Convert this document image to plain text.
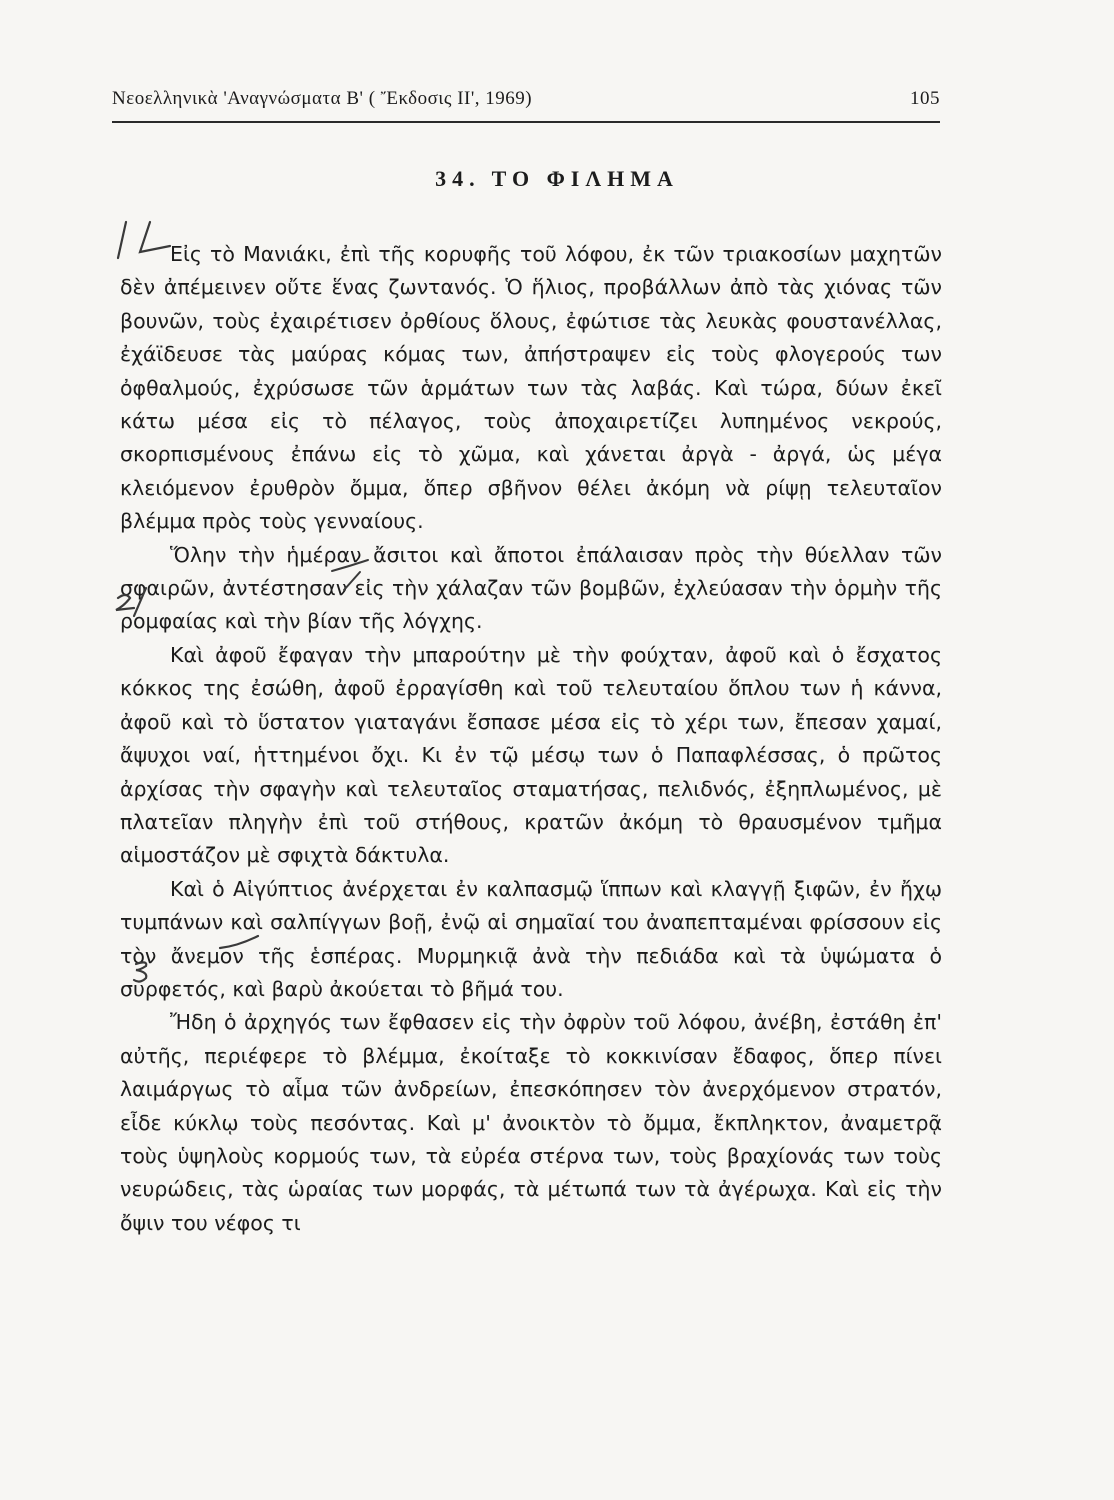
Νεοελληνικὰ 'Αναγνώσματα Β' ( Ἔκδοσις ΙΙ', 1969)	105
34. ΤΟ ΦΙΛΗΜΑ

Εἰς τὸ Μανιάκι, ἐπὶ τῆς κορυφῆς τοῦ λόφου, ἐκ τῶν τριακοσίων μαχητῶν δὲν ἀπέμεινεν οὔτε ἕνας ζωντανός. Ὁ ἥλιος, προβάλλων ἀπὸ τὰς χιόνας τῶν βουνῶν, τοὺς ἐχαιρέτισεν ὀρθίους ὅλους, ἐφώτισε τὰς λευκὰς φουστανέλλας, ἐχάϊδευσε τὰς μαύρας κόμας των, ἀπήστραψεν εἰς τοὺς φλογερούς των ὀφθαλμούς, ἐχρύσωσε τῶν ἁρμάτων των τὰς λαβάς. Καὶ τώρα, δύων ἐκεῖ κάτω μέσα εἰς τὸ πέλαγος, τοὺς ἀποχαιρετίζει λυπημένος νεκρούς, σκορπισμένους ἐπάνω εἰς τὸ χῶμα, καὶ χάνεται ἀργὰ - ἀργά, ὡς μέγα κλειόμενον ἐρυθρὸν ὄμμα, ὅπερ σβῆνον θέλει ἀκόμη νὰ ρίψῃ τελευταῖον βλέμμα πρὸς τοὺς γενναίους.

Ὅλην τὴν ἡμέραν ἄσιτοι καὶ ἄποτοι ἐπάλαισαν πρὸς τὴν θύελλαν τῶν σφαιρῶν, ἀντέστησαν εἰς τὴν χάλαζαν τῶν βομβῶν, ἐχλεύασαν τὴν ὁρμὴν τῆς ρομφαίας καὶ τὴν βίαν τῆς λόγχης.

Καὶ ἀφοῦ ἔφαγαν τὴν μπαρούτην μὲ τὴν φούχταν, ἀφοῦ καὶ ὁ ἔσχατος κόκκος της ἐσώθη, ἀφοῦ ἐρραγίσθη καὶ τοῦ τελευταίου ὅπλου των ἡ κάννα, ἀφοῦ καὶ τὸ ὕστατον γιαταγάνι ἔσπασε μέσα εἰς τὸ χέρι των, ἔπεσαν χαμαί, ἄψυχοι ναί, ἡττημένοι ὄχι. Κι ἐν τῷ μέσῳ των ὁ Παπαφλέσσας, ὁ πρῶτος ἀρχίσας τὴν σφαγὴν καὶ τελευταῖος σταματήσας, πελιδνός, ἐξηπλωμένος, μὲ πλατεῖαν πληγὴν ἐπὶ τοῦ στήθους, κρατῶν ἀκόμη τὸ θραυσμένον τμῆμα αἱμοστάζον μὲ σφιχτὰ δάκτυλα.

Καὶ ὁ Αἰγύπτιος ἀνέρχεται ἐν καλπασμῷ ἵππων καὶ κλαγγῇ ξιφῶν, ἐν ἤχῳ τυμπάνων καὶ σαλπίγγων βοῇ, ἐνῷ αἱ σημαῖαί του ἀναπεπταμέναι φρίσσουν εἰς τὸν ἄνεμον τῆς ἑσπέρας. Μυρμηκιᾷ ἀνὰ τὴν πεδιάδα καὶ τὰ ὑψώματα ὁ συρφετός, καὶ βαρὺ ἀκούεται τὸ βῆμά του.

Ἤδη ὁ ἀρχηγός των ἔφθασεν εἰς τὴν ὀφρὺν τοῦ λόφου, ἀνέβη, ἐστάθη ἐπ' αὐτῆς, περιέφερε τὸ βλέμμα, ἐκοίταξε τὸ κοκκινίσαν ἔδαφος, ὅπερ πίνει λαιμάργως τὸ αἷμα τῶν ἀνδρείων, ἐπεσκόπησεν τὸν ἀνερχόμενον στρατόν, εἶδε κύκλῳ τοὺς πεσόντας. Καὶ μ' ἀνοικτὸν τὸ ὄμμα, ἔκπληκτον, ἀναμετρᾷ τοὺς ὑψηλοὺς κορμούς των, τὰ εὐρέα στέρνα των, τοὺς βραχίονάς των τοὺς νευρώδεις, τὰς ὡραίας των μορφάς, τὰ μέτωπά των τὰ ἀγέρωχα. Καὶ εἰς τὴν ὄψιν του νέφος τι
